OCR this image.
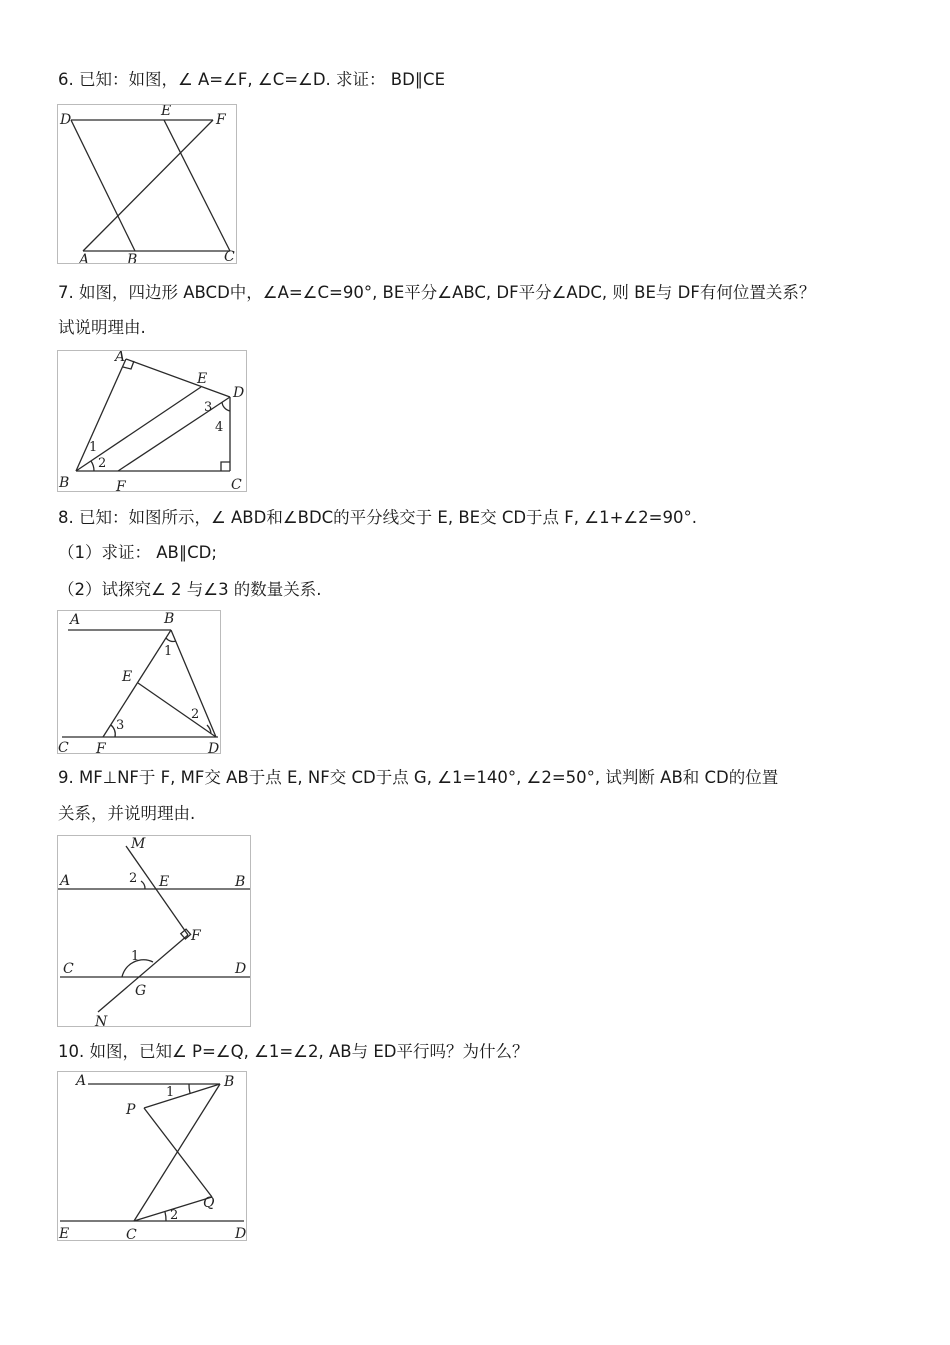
6. 已知：如图，∠ A=∠F, ∠C=∠D. 求证： BD∥CE
D
E
F
A	B	C
7. 如图，四边形 ABCD中，∠A=∠C=90°, BE平分∠ABC, DF平分∠ADC, 则 BE与 DF有何位置关系？
试说明理由.
A
E
D
B	F	C
1
2
3
4
8. 已知：如图所示，∠ ABD和∠BDC的平分线交于 E, BE交 CD于点 F, ∠1+∠2=90°.
（1）求证： AB∥CD;
（2）试探究∠ 2 与∠3 的数量关系.
A	B
E
C F	D
1
2
3
9. MF⊥NF于 F, MF交 AB于点 E, NF交 CD于点 G, ∠1=140°, ∠2=50°, 试判断 AB和 CD的位置
关系，并说明理由.
M
A	E	B
F
C	D
G
N
1
2
10. 如图，已知∠ P=∠Q, ∠1=∠2, AB与 ED平行吗？为什么？
A	B
P
Q
E	C	D
1
2
